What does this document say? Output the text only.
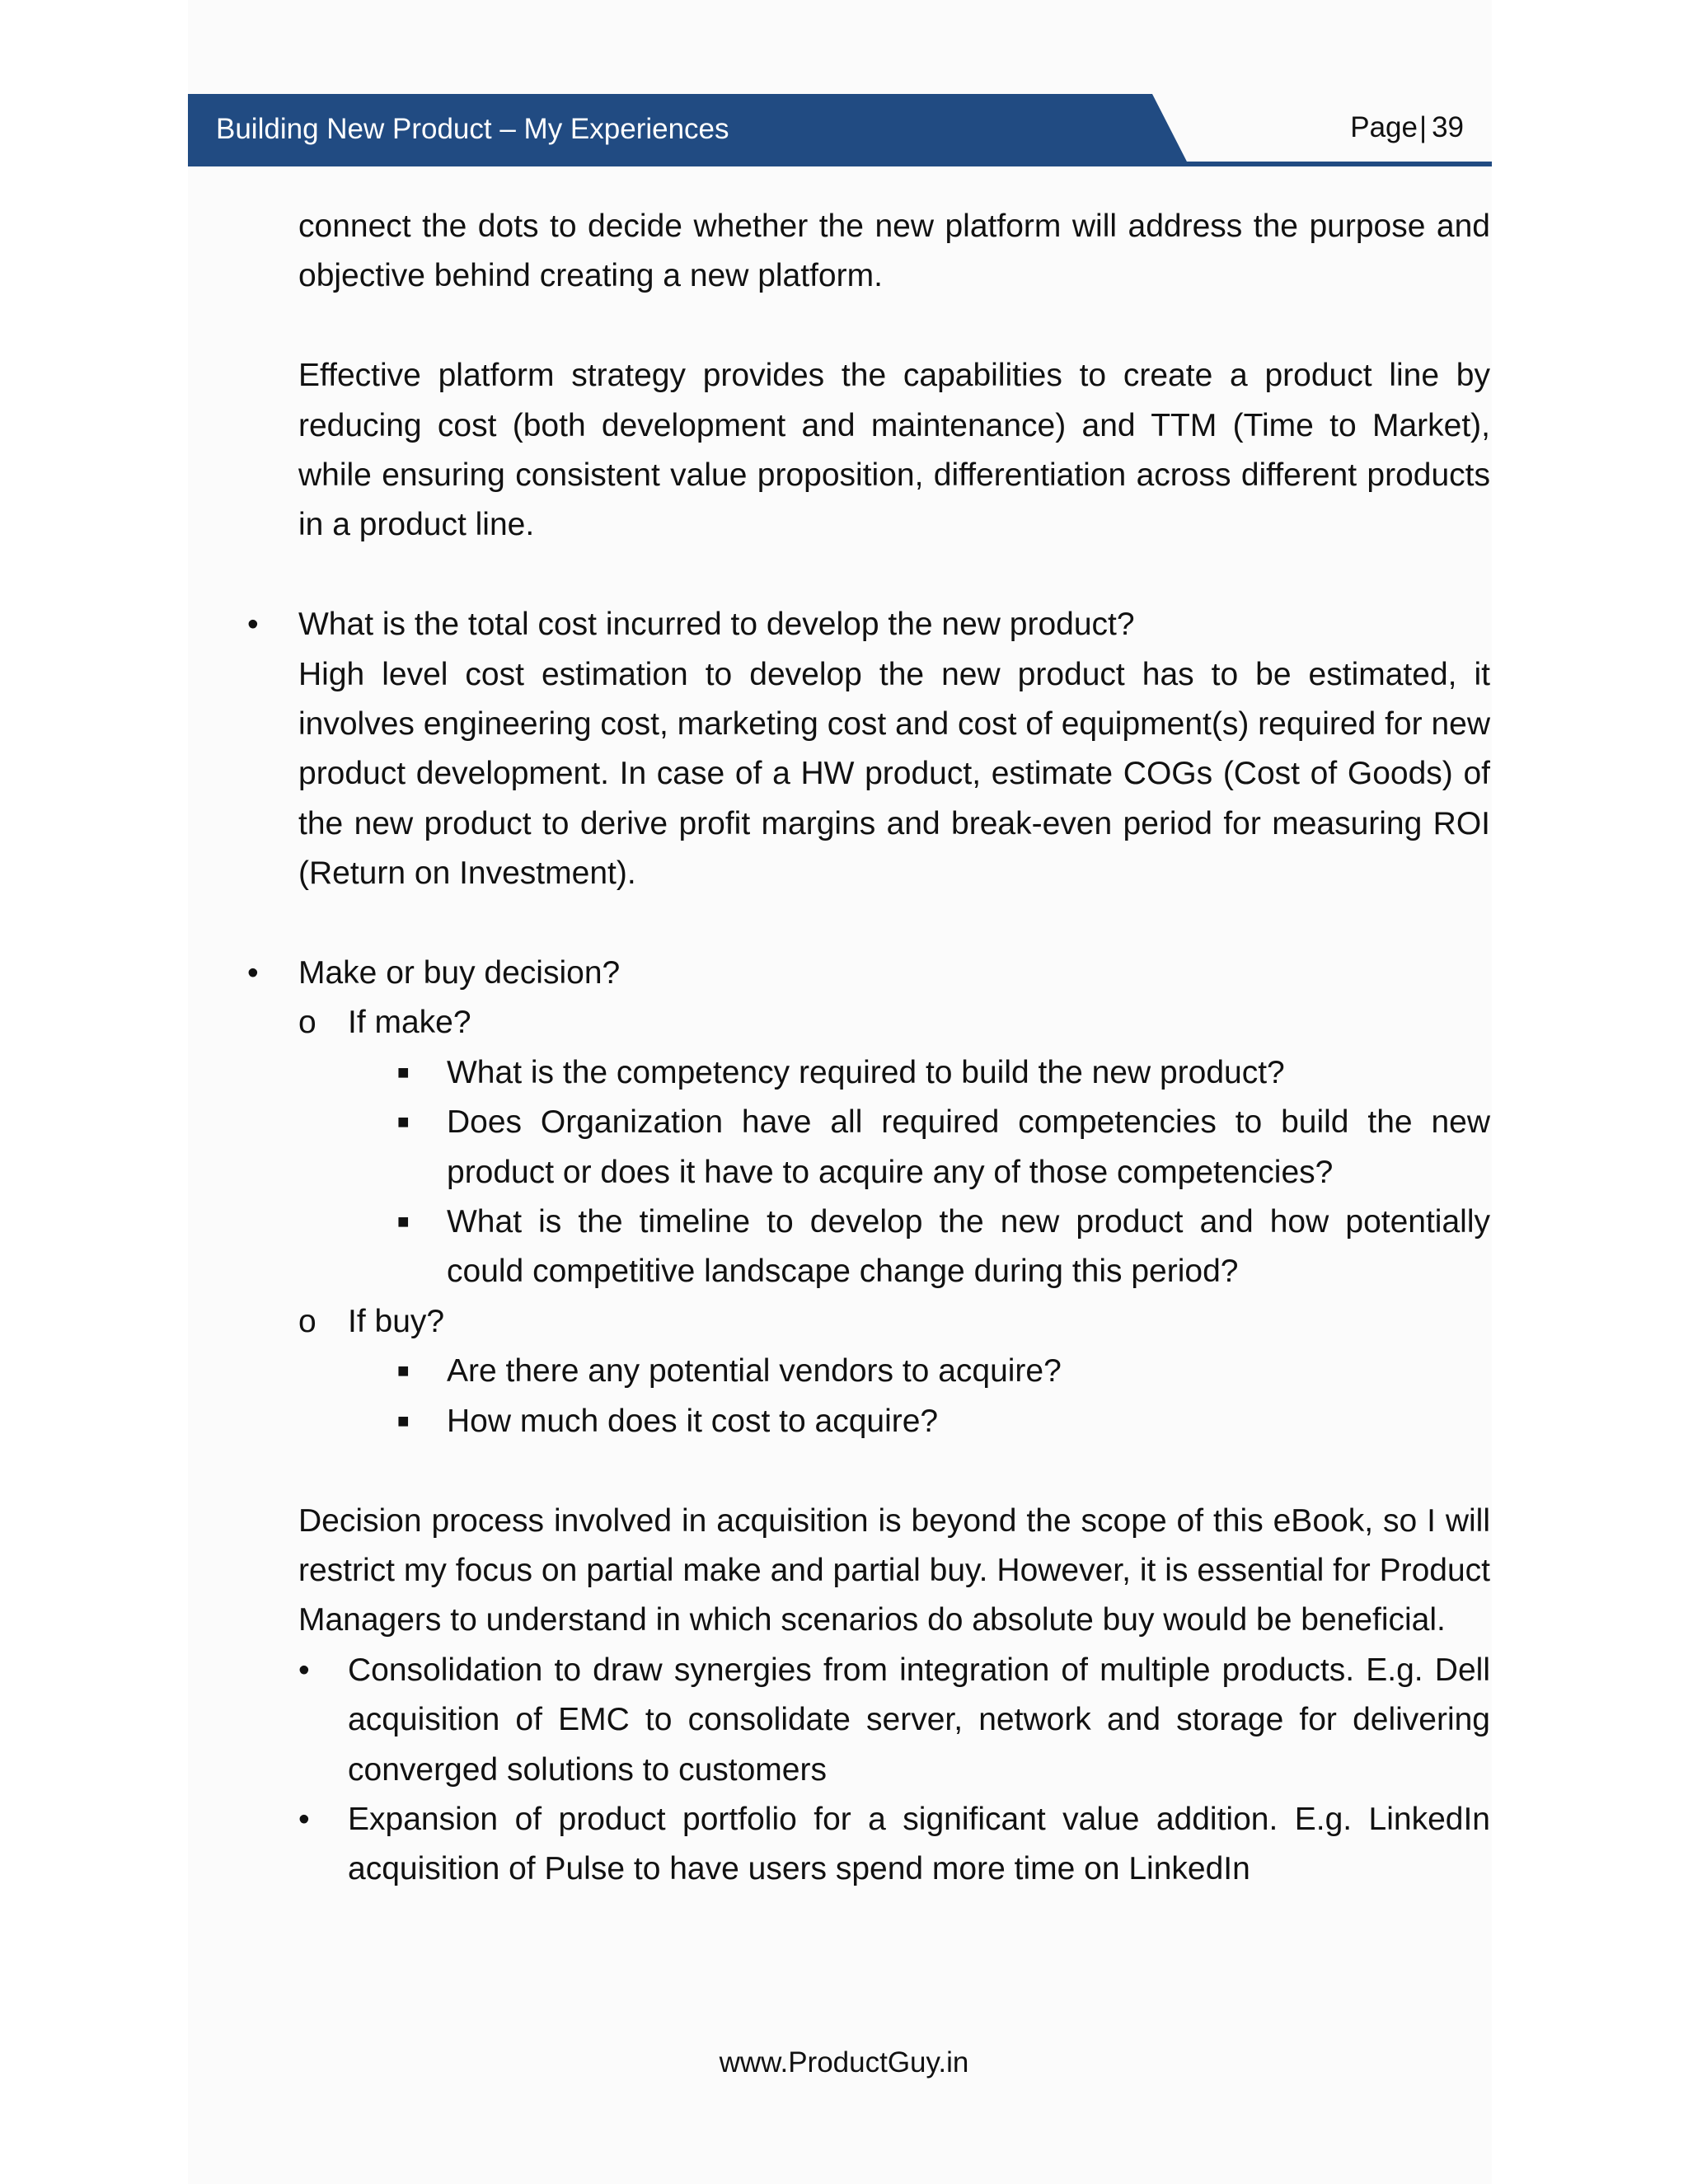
Building New Product – My Experiences	Page| 39

connect the dots to decide whether the new platform will address the purpose and objective behind creating a new platform.

Effective platform strategy provides the capabilities to create a product line by reducing cost (both development and maintenance) and TTM (Time to Market), while ensuring consistent value proposition, differentiation across different products in a product line.

• What is the total cost incurred to develop the new product?

High level cost estimation to develop the new product has to be estimated, it involves engineering cost, marketing cost and cost of equipment(s) required for new product development. In case of a HW product, estimate COGs (Cost of Goods) of the new product to derive profit margins and break-even period for measuring ROI (Return on Investment).

• Make or buy decision?

o If make?

■ What is the competency required to build the new product?

■ Does Organization have all required competencies to build the new product or does it have to acquire any of those competencies?

■ What is the timeline to develop the new product and how potentially could competitive landscape change during this period?

o If buy?

■ Are there any potential vendors to acquire?

■ How much does it cost to acquire?

Decision process involved in acquisition is beyond the scope of this eBook, so I will restrict my focus on partial make and partial buy. However, it is essential for Product Managers to understand in which scenarios do absolute buy would be beneficial.

• Consolidation to draw synergies from integration of multiple products. E.g. Dell acquisition of EMC to consolidate server, network and storage for delivering converged solutions to customers

• Expansion of product portfolio for a significant value addition. E.g. LinkedIn acquisition of Pulse to have users spend more time on LinkedIn

www.ProductGuy.in
